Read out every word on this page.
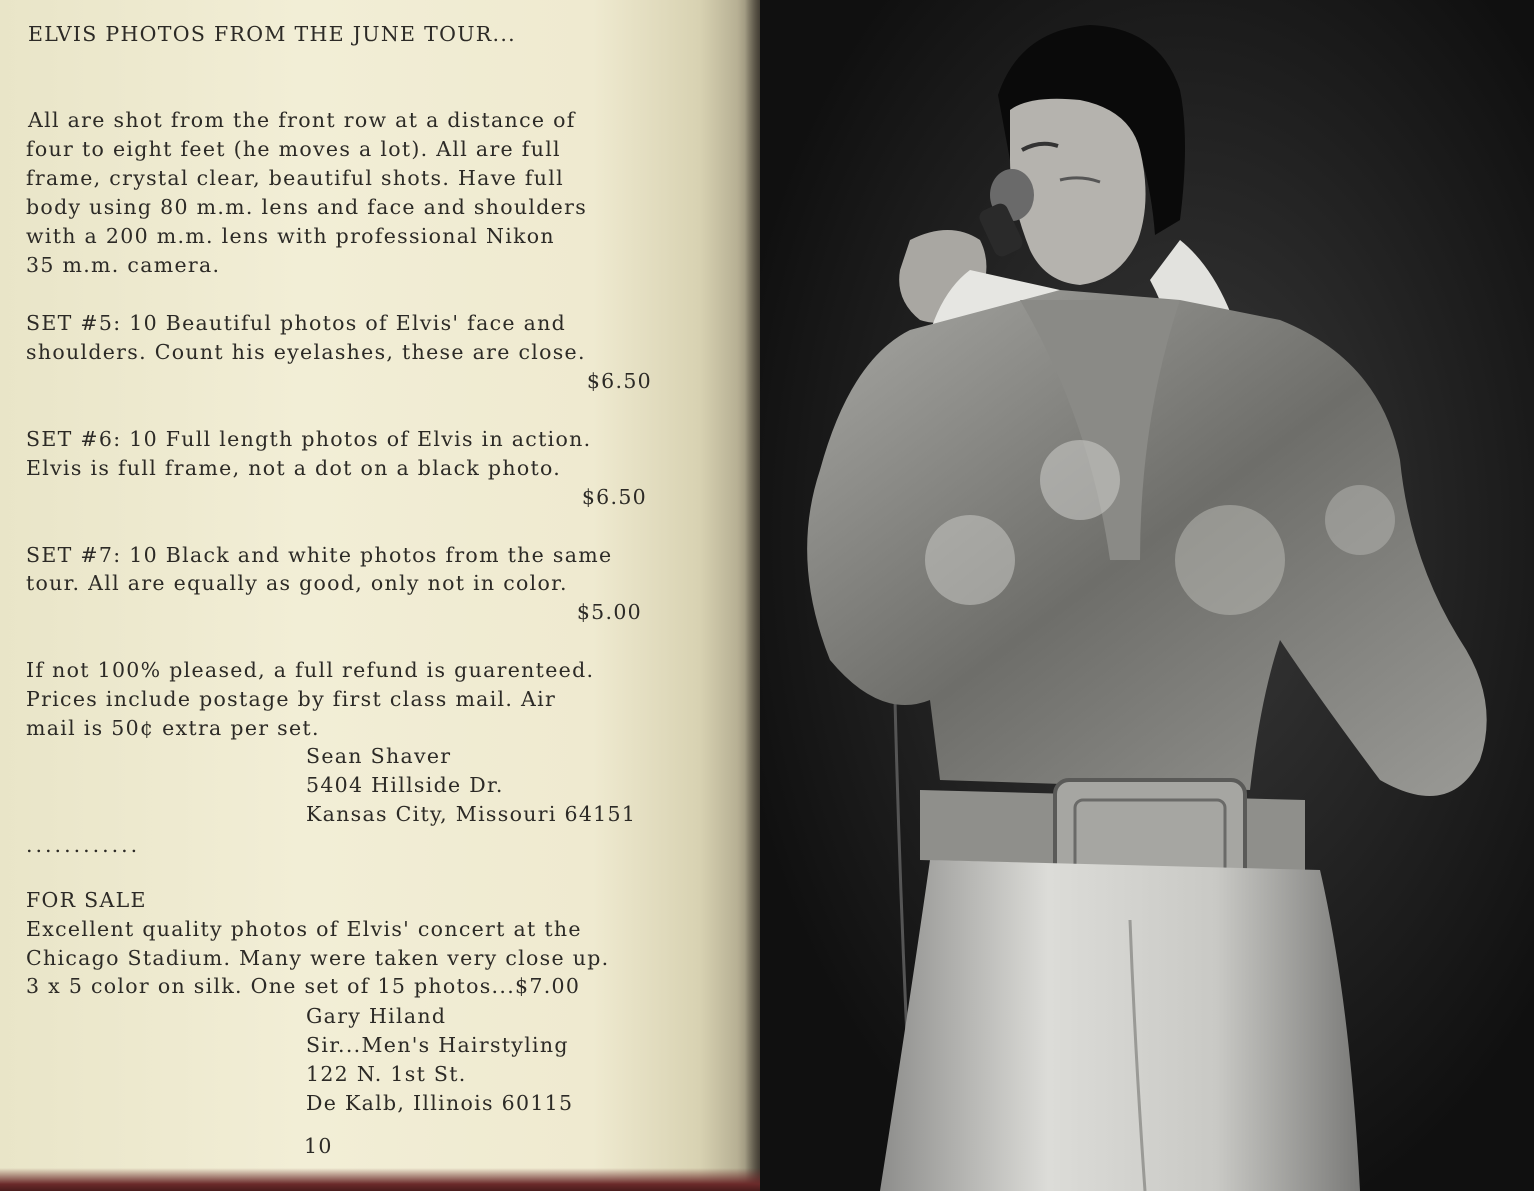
ELVIS PHOTOS FROM THE JUNE TOUR...
All are shot from the front row at a distance of
four to eight feet (he moves a lot). All are full
frame, crystal clear, beautiful shots. Have full
body using 80 m.m. lens and face and shoulders
with a 200 m.m. lens with professional Nikon
35 m.m. camera.
SET #5: 10 Beautiful photos of Elvis' face and
shoulders. Count his eyelashes, these are close.
$6.50
SET #6: 10 Full length photos of Elvis in action.
Elvis is full frame, not a dot on a black photo.
$6.50
SET #7: 10 Black and white photos from the same
tour. All are equally as good, only not in color.
$5.00
If not 100% pleased, a full refund is guarenteed.
Prices include postage by first class mail. Air
mail is 50¢ extra per set.
Sean Shaver
5404 Hillside Dr.
Kansas City, Missouri 64151
............
FOR SALE
Excellent quality photos of Elvis' concert at the
Chicago Stadium. Many were taken very close up.
3 x 5 color on silk. One set of 15 photos...$7.00
Gary Hiland
Sir...Men's Hairstyling
122 N. 1st St.
De Kalb, Illinois 60115
10
